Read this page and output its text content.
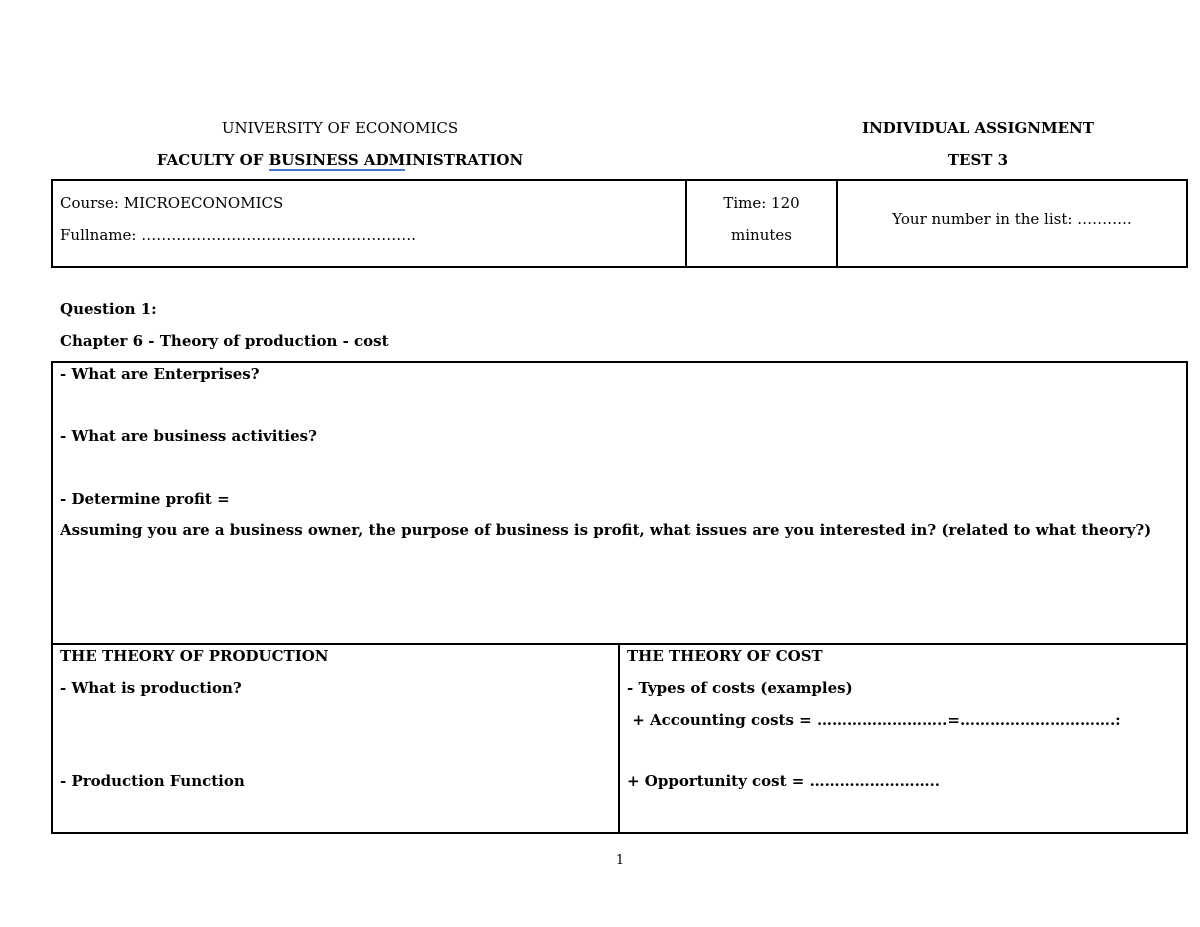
UNIVERSITY OF ECONOMICS
FACULTY OF BUSINESS ADMINISTRATION
INDIVIDUAL ASSIGNMENT
TEST 3
Course: MICROECONOMICS
Fullname: ……………………………………………….
Time: 120
minutes
Your number in the list: ………..
Question 1:
Chapter 6 - Theory of production - cost
- What are Enterprises?
- What are business activities?
- Determine profit =
Assuming you are a business owner, the purpose of business is profit, what issues are you interested in? (related to what theory?)
THE THEORY OF PRODUCTION
- What is production?
- Production Function
THE THEORY OF COST
- Types of costs (examples)
+ Accounting costs = ……………………..=………………………….:
+ Opportunity cost = ……………………..
1
